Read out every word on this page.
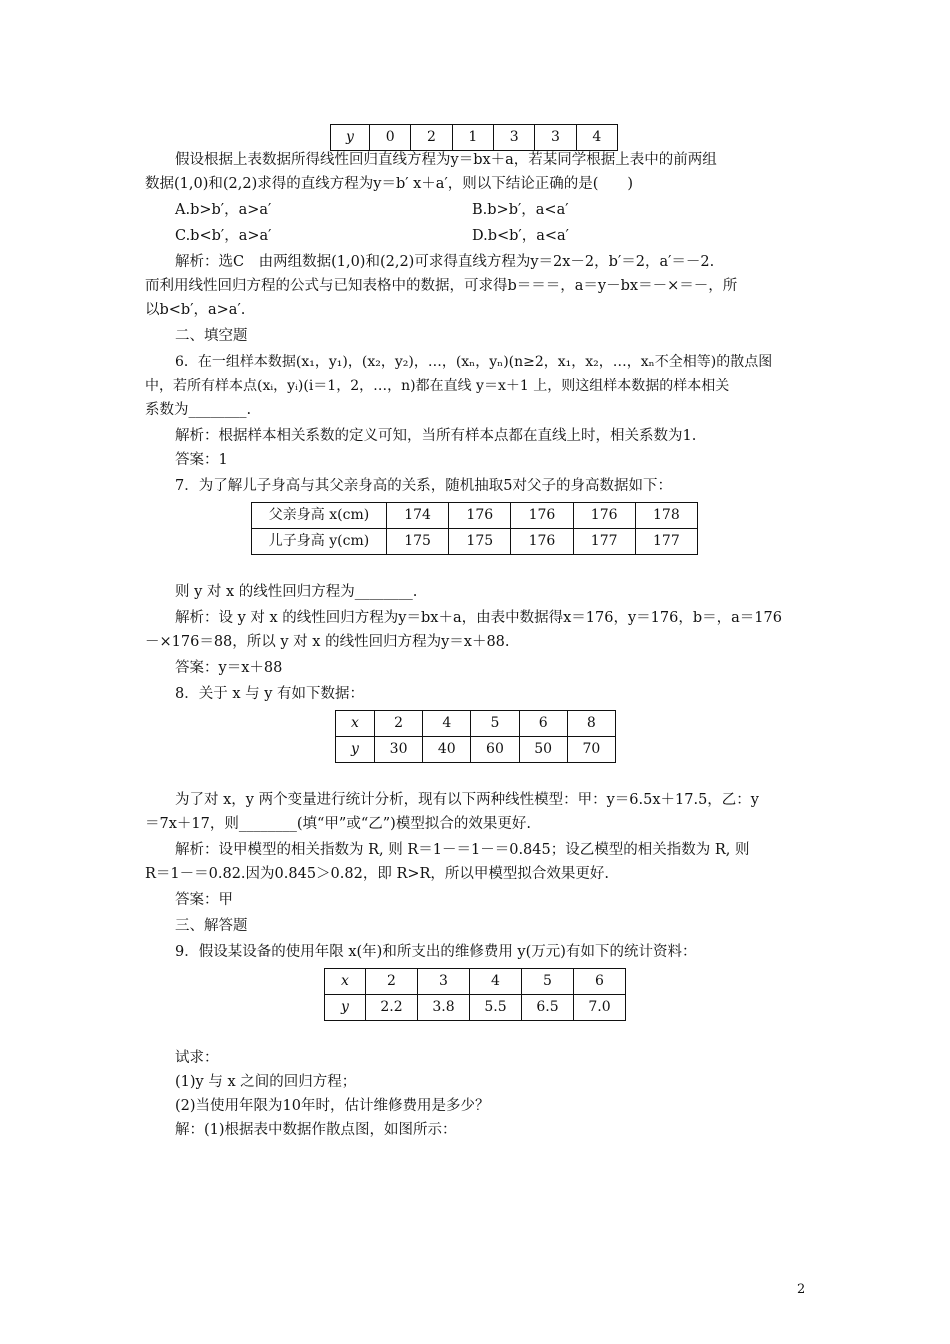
y	0	2	1	3	3	4
假设根据上表数据所得线性回归直线方程为y＝bx＋a，若某同学根据上表中的前两组
数据(1,0)和(2,2)求得的直线方程为y＝b′ x＋a′，则以下结论正确的是(　　)
A.b>b′，a>a′	B.b>b′，a<a′
C.b<b′，a>a′	D.b<b′，a<a′
解析：选C　由两组数据(1,0)和(2,2)可求得直线方程为y＝2x－2，b′＝2，a′＝－2.
而利用线性回归方程的公式与已知表格中的数据，可求得b＝＝＝，a＝y－bx＝－×＝－，所
以b<b′，a>a′.
二、填空题
6．在一组样本数据(x₁，y₁)，(x₂，y₂)，…，(xₙ，yₙ)(n≥2，x₁，x₂，…，xₙ不全相等)的散点图
中，若所有样本点(xᵢ，yᵢ)(i＝1，2，…，n)都在直线 y＝x＋1 上，则这组样本数据的样本相关
系数为________.
解析：根据样本相关系数的定义可知，当所有样本点都在直线上时，相关系数为1.
答案：1
7．为了解儿子身高与其父亲身高的关系，随机抽取5对父子的身高数据如下：
父亲身高 x(cm)	174	176	176	176	178
儿子身高 y(cm)	175	175	176	177	177
则 y 对 x 的线性回归方程为________.
解析：设 y 对 x 的线性回归方程为y＝bx＋a，由表中数据得x＝176，y＝176，b＝，a＝176
－×176＝88，所以 y 对 x 的线性回归方程为y＝x＋88.
答案：y＝x＋88
8．关于 x 与 y 有如下数据：
x	2	4	5	6	8
y	30	40	60	50	70
为了对 x，y 两个变量进行统计分析，现有以下两种线性模型：甲：y＝6.5x＋17.5，乙：y
＝7x＋17，则________(填“甲”或“乙”)模型拟合的效果更好.
解析：设甲模型的相关指数为 R, 则 R＝1－＝1－＝0.845；设乙模型的相关指数为 R, 则
R＝1－＝0.82.因为0.845＞0.82，即 R>R，所以甲模型拟合效果更好.
答案：甲
三、解答题
9．假设某设备的使用年限 x(年)和所支出的维修费用 y(万元)有如下的统计资料：
x	2	3	4	5	6
y	2.2	3.8	5.5	6.5	7.0
试求：
(1)y 与 x 之间的回归方程；
(2)当使用年限为10年时，估计维修费用是多少？
解：(1)根据表中数据作散点图，如图所示：
2
